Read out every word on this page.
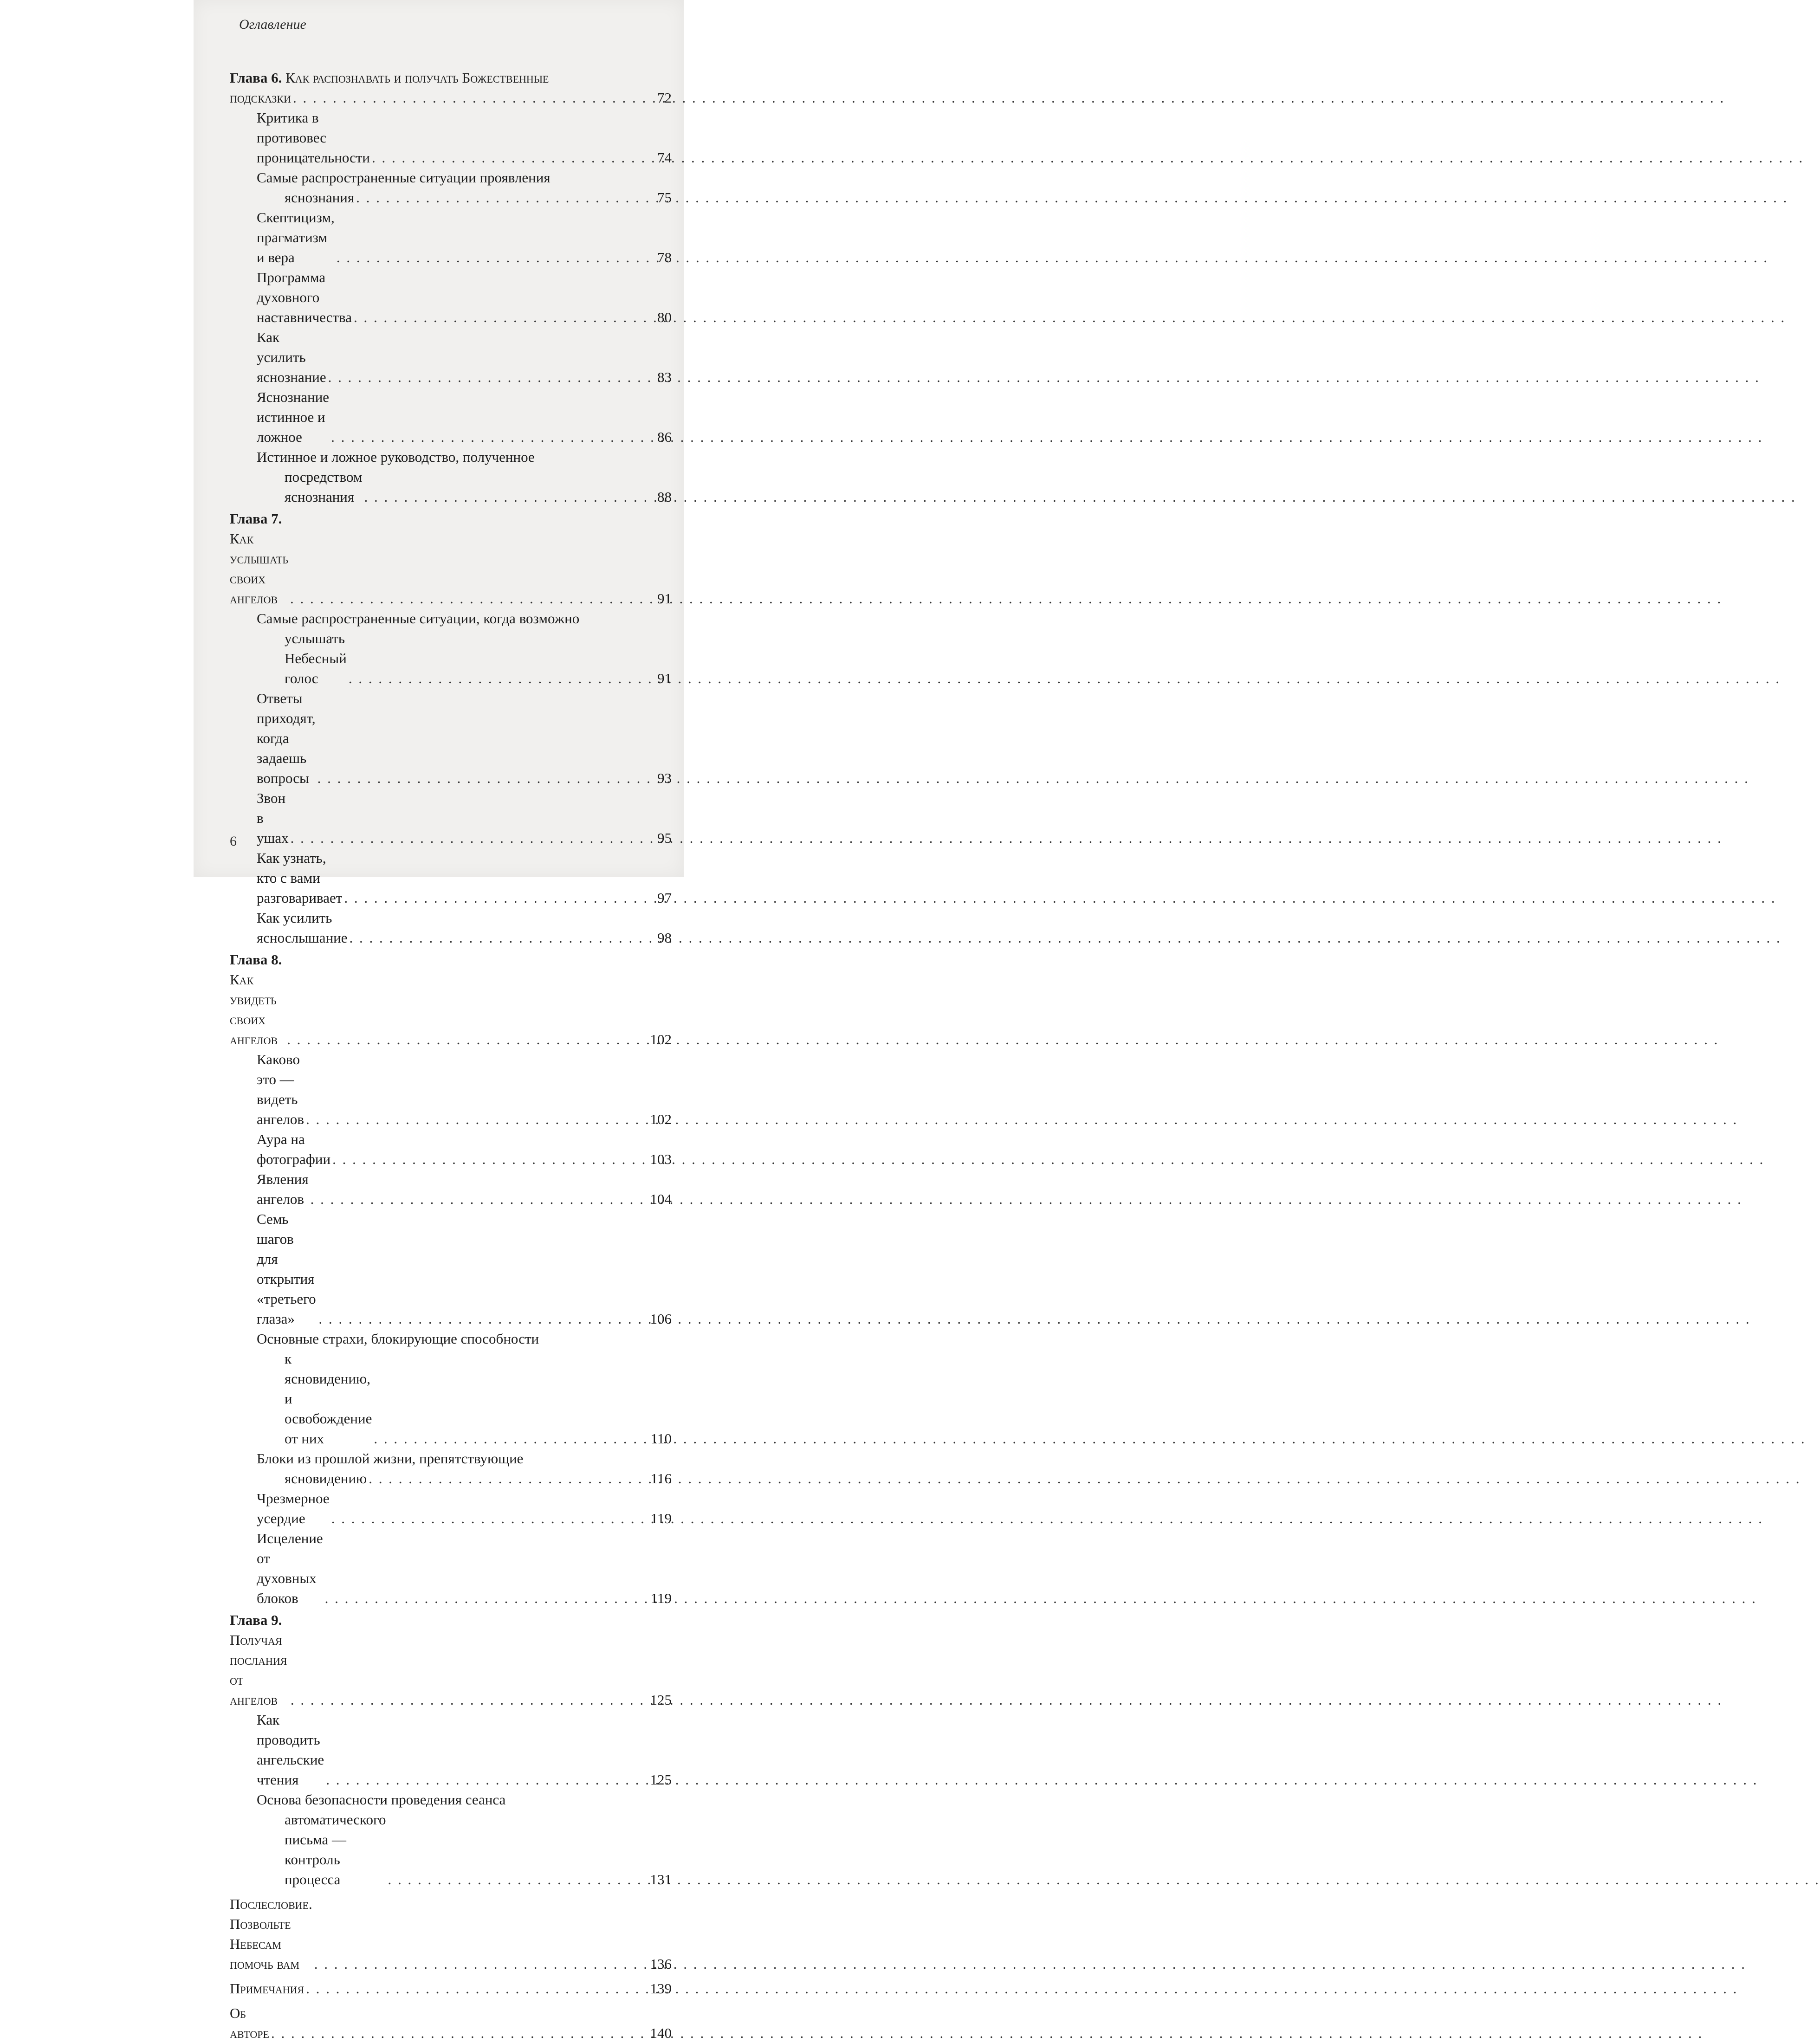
Оглавление
Глава 6. Как распознавать и получать Божественные
подсказки . . .	72
Критика в противовес проницательности . . .	74
Самые распространенные ситуации проявления
яснознания . . .	75
Скептицизм, прагматизм и вера . . .	78
Программа духовного наставничества . . .	80
Как усилить яснознание . . .	83
Яснознание истинное и ложное . . .	86
Истинное и ложное руководство, полученное
посредством яснознания . . .	88
Глава 7. Как услышать своих ангелов . . .	91
Самые распространенные ситуации, когда возможно
услышать Небесный голос . . .	91
Ответы приходят, когда задаешь вопросы . . .	93
Звон в ушах . . .	95
Как узнать, кто с вами разговаривает . . .	97
Как усилить яснослышание . . .	98
Глава 8. Как увидеть своих ангелов . . .	102
Каково это — видеть ангелов . . .	102
Аура на фотографии . . .	103
Явления ангелов . . .	104
Семь шагов для открытия «третьего глаза» . . .	106
Основные страхи, блокирующие способности
к ясновидению, и освобождение от них . . .	110
Блоки из прошлой жизни, препятствующие
ясновидению . . .	116
Чрезмерное усердие . . .	119
Исцеление от духовных блоков . . .	119
Глава 9. Получая послания от ангелов . . .	125
Как проводить ангельские чтения . . .	125
Основа безопасности проведения сеанса
автоматического письма — контроль процесса . . .	131
Послесловие. Позвольте Небесам помочь вам . . .	136
Примечания . . .	139
Об авторе . . .	140
6
